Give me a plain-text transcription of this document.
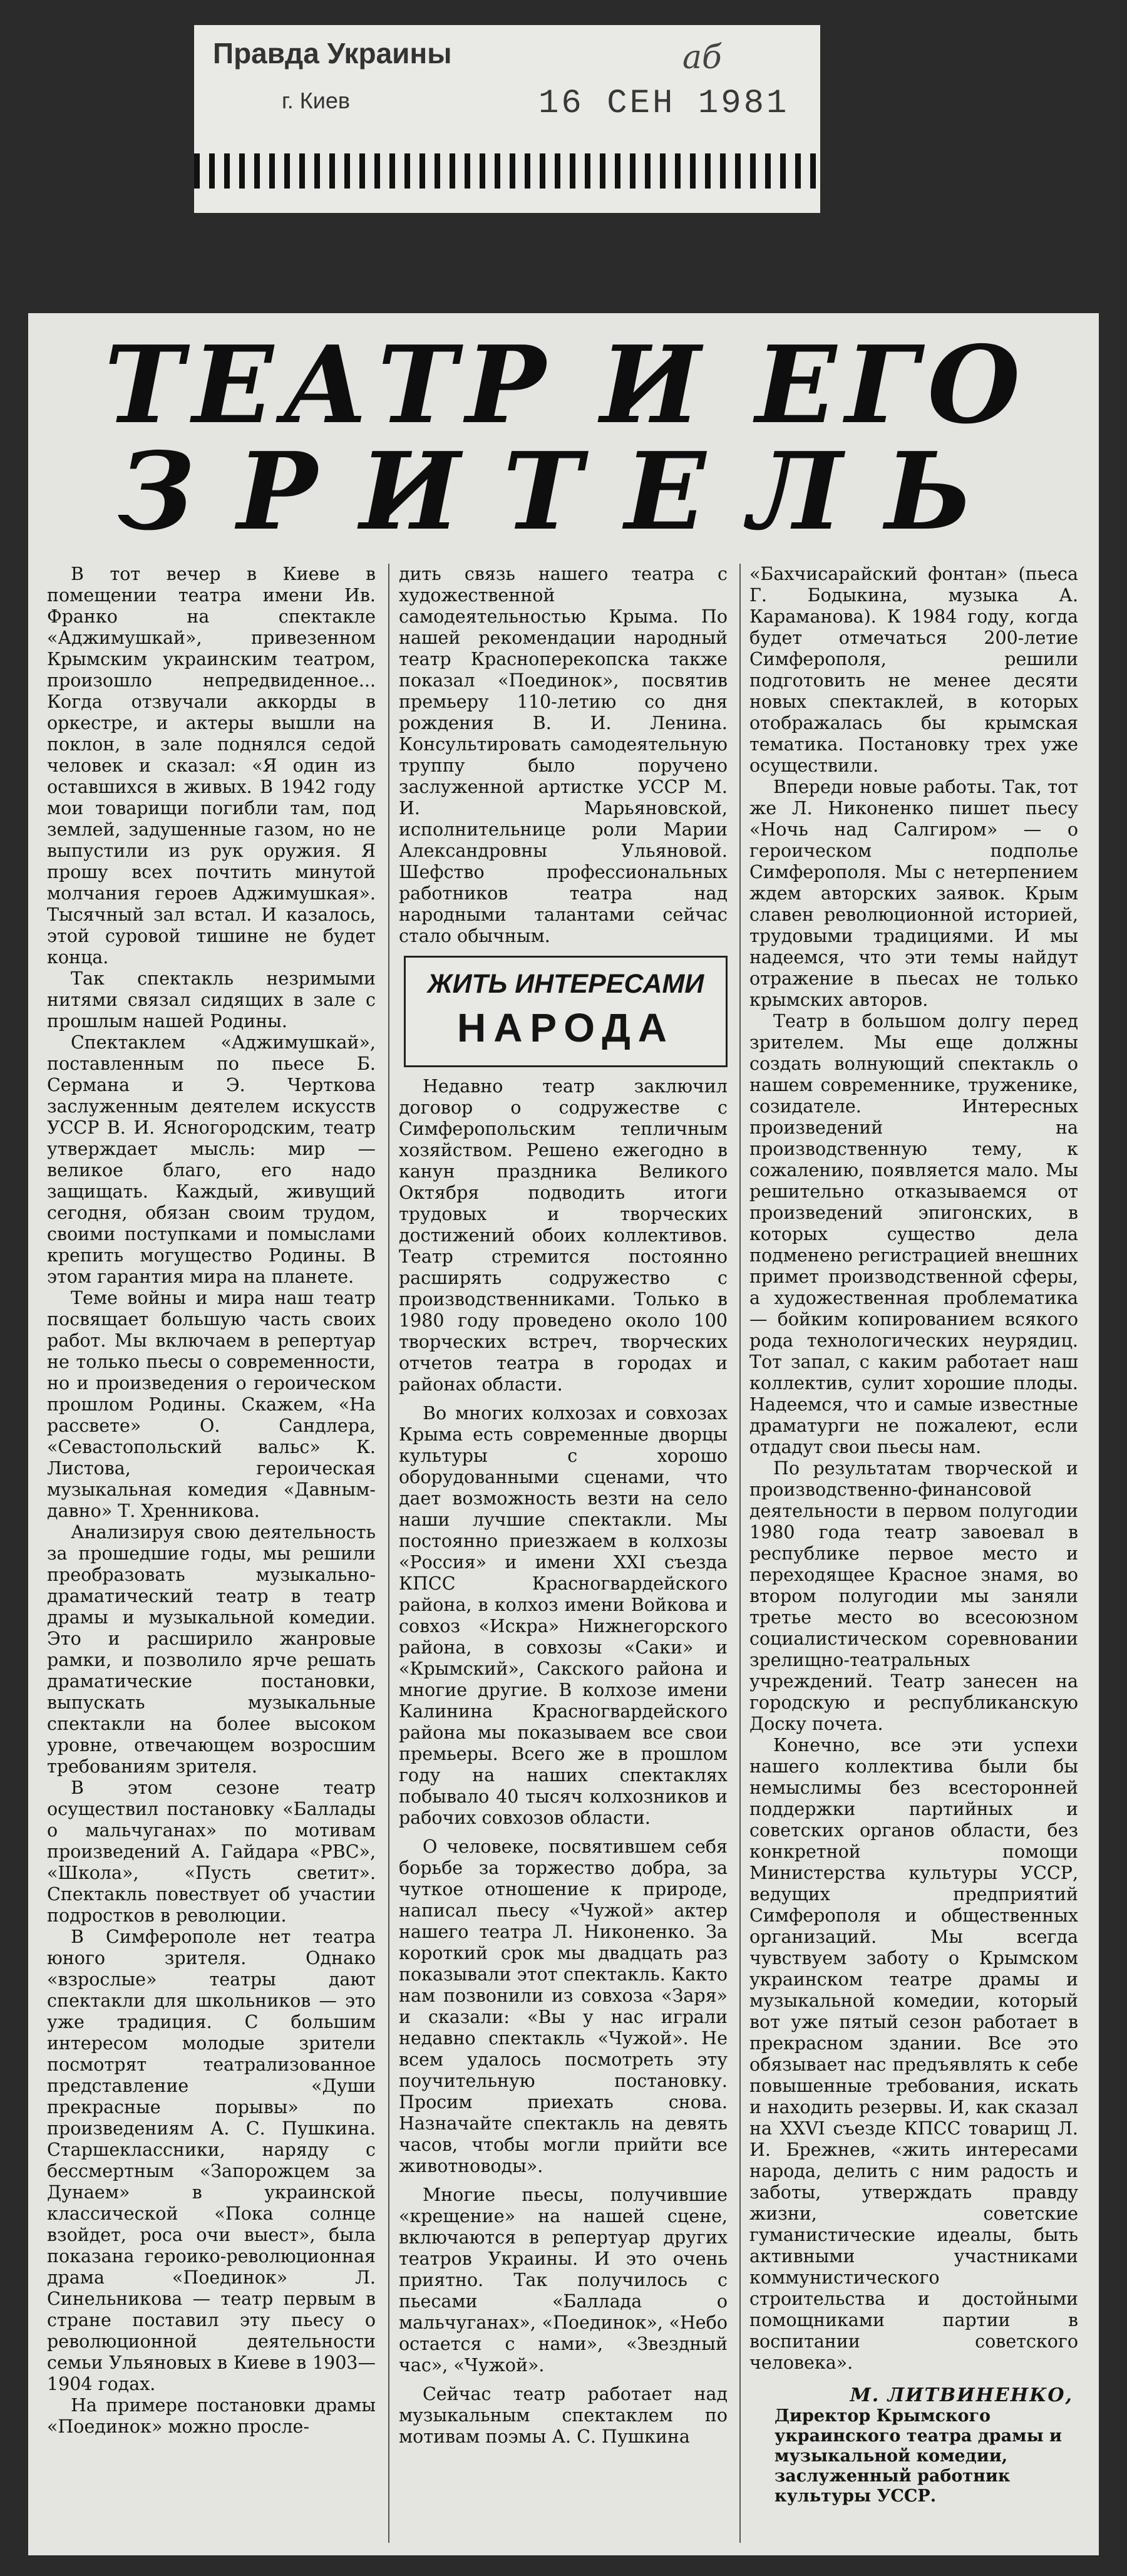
Правда Украины
г. Киев	16 СЕН 1981
аб
ТЕАТР И ЕГО
ЗРИТЕЛЬ

В тот вечер в Киеве в помещении театра имени Ив. Франко на спектакле «Аджимушкай», привезенном Крымским украинским театром, произошло непредвиденное... Когда отзвучали аккорды в оркестре, и актеры вышли на поклон, в зале поднялся седой человек и сказал: «Я один из оставшихся в живых. В 1942 году мои товарищи погибли там, под землей, задушенные газом, но не выпустили из рук оружия. Я прошу всех почтить минутой молчания героев Аджимушкая». Тысячный зал встал. И казалось, этой суровой тишине не будет конца.

Так спектакль незримыми нитями связал сидящих в зале с прошлым нашей Родины.

Спектаклем «Аджимушкай», поставленным по пьесе Б. Сермана и Э. Черткова заслуженным деятелем искусств УССР В. И. Ясногородским, театр утверждает мысль: мир — великое благо, его надо защищать. Каждый, живущий сегодня, обязан своим трудом, своими поступками и помыслами крепить могущество Родины. В этом гарантия мира на планете.

Теме войны и мира наш театр посвящает большую часть своих работ. Мы включаем в репертуар не только пьесы о современности, но и произведения о героическом прошлом Родины. Скажем, «На рассвете» О. Сандлера, «Севастопольский вальс» К. Листова, героическая музыкальная комедия «Давным-давно» Т. Хренникова.

Анализируя свою деятельность за прошедшие годы, мы решили преобразовать музыкально-драматический театр в театр драмы и музыкальной комедии. Это и расширило жанровые рамки, и позволило ярче решать драматические постановки, выпускать музыкальные спектакли на более высоком уровне, отвечающем возросшим требованиям зрителя.

В этом сезоне театр осуществил постановку «Баллады о мальчуганах» по мотивам произведений А. Гайдара «РВС», «Школа», «Пусть светит». Спектакль повествует об участии подростков в революции.

В Симферополе нет театра юного зрителя. Однако «взрослые» театры дают спектакли для школьников — это уже традиция. С большим интересом молодые зрители посмотрят театрализованное представление «Души прекрасные порывы» по произведениям А. С. Пушкина. Старшеклассники, наряду с бессмертным «Запорожцем за Дунаем» в украинской классической «Пока солнце взойдет, роса очи выест», была показана героико-революционная драма «Поединок» Л. Синельникова — театр первым в стране поставил эту пьесу о революционной деятельности семьи Ульяновых в Киеве в 1903—1904 годах.

На примере постановки драмы «Поединок» можно просле-

дить связь нашего театра с художественной самодеятельностью Крыма. По нашей рекомендации народный театр Красноперекопска также показал «Поединок», посвятив премьеру 110-летию со дня рождения В. И. Ленина. Консультировать самодеятельную труппу было поручено заслуженной артистке УССР М. И. Марьяновской, исполнительнице роли Марии Александровны Ульяновой. Шефство профессиональных работников театра над народными талантами сейчас стало обычным.

ЖИТЬ ИНТЕРЕСАМИ
НАРОДА

Недавно театр заключил договор о содружестве с Симферопольским тепличным хозяйством. Решено ежегодно в канун праздника Великого Октября подводить итоги трудовых и творческих достижений обоих коллективов. Театр стремится постоянно расширять содружество с производственниками. Только в 1980 году проведено около 100 творческих встреч, творческих отчетов театра в городах и районах области.

Во многих колхозах и совхозах Крыма есть современные дворцы культуры с хорошо оборудованными сценами, что дает возможность везти на село наши лучшие спектакли. Мы постоянно приезжаем в колхозы «Россия» и имени XXI съезда КПСС Красногвардейского района, в колхоз имени Войкова и совхоз «Искра» Нижнегорского района, в совхозы «Саки» и «Крымский», Сакского района и многие другие. В колхозе имени Калинина Красногвардейского района мы показываем все свои премьеры. Всего же в прошлом году на наших спектаклях побывало 40 тысяч колхозников и рабочих совхозов области.

О человеке, посвятившем себя борьбе за торжество добра, за чуткое отношение к природе, написал пьесу «Чужой» актер нашего театра Л. Никоненко. За короткий срок мы двадцать раз показывали этот спектакль. Както нам позвонили из совхоза «Заря» и сказали: «Вы у нас играли недавно спектакль «Чужой». Не всем удалось посмотреть эту поучительную постановку. Просим приехать снова. Назначайте спектакль на девять часов, чтобы могли прийти все животноводы».

Многие пьесы, получившие «крещение» на нашей сцене, включаются в репертуар других театров Украины. И это очень приятно. Так получилось с пьесами «Баллада о мальчуганах», «Поединок», «Небо остается с нами», «Звездный час», «Чужой».

Сейчас театр работает над музыкальным спектаклем по мотивам поэмы А. С. Пушкина

«Бахчисарайский фонтан» (пьеса Г. Бодыкина, музыка А. Караманова). К 1984 году, когда будет отмечаться 200-летие Симферополя, решили подготовить не менее десяти новых спектаклей, в которых отображалась бы крымская тематика. Постановку трех уже осуществили.

Впереди новые работы. Так, тот же Л. Никоненко пишет пьесу «Ночь над Салгиром» — о героическом подполье Симферополя. Мы с нетерпением ждем авторских заявок. Крым славен революционной историей, трудовыми традициями. И мы надеемся, что эти темы найдут отражение в пьесах не только крымских авторов.

Театр в большом долгу перед зрителем. Мы еще должны создать волнующий спектакль о нашем современнике, труженике, созидателе. Интересных произведений на производственную тему, к сожалению, появляется мало. Мы решительно отказываемся от произведений эпигонских, в которых существо дела подменено регистрацией внешних примет производственной сферы, а художественная проблематика — бойким копированием всякого рода технологических неурядиц. Тот запал, с каким работает наш коллектив, сулит хорошие плоды. Надеемся, что и самые известные драматурги не пожалеют, если отдадут свои пьесы нам.

По результатам творческой и производственно-финансовой деятельности в первом полугодии 1980 года театр завоевал в республике первое место и переходящее Красное знамя, во втором полугодии мы заняли третье место во всесоюзном социалистическом соревновании зрелищно-театральных учреждений. Театр занесен на городскую и республиканскую Доску почета.

Конечно, все эти успехи нашего коллектива были бы немыслимы без всесторонней поддержки партийных и советских органов области, без конкретной помощи Министерства культуры УССР, ведущих предприятий Симферополя и общественных организаций. Мы всегда чувствуем заботу о Крымском украинском театре драмы и музыкальной комедии, который вот уже пятый сезон работает в прекрасном здании. Все это обязывает нас предъявлять к себе повышенные требования, искать и находить резервы. И, как сказал на XXVI съезде КПСС товарищ Л. И. Брежнев, «жить интересами народа, делить с ним радость и заботы, утверждать правду жизни, советские гуманистические идеалы, быть активными участниками коммунистического строительства и достойными помощниками партии в воспитании советского человека».

М. ЛИТВИНЕНКО,
Директор Крымского украинского театра драмы и музыкальной комедии, заслуженный работник культуры УССР.
